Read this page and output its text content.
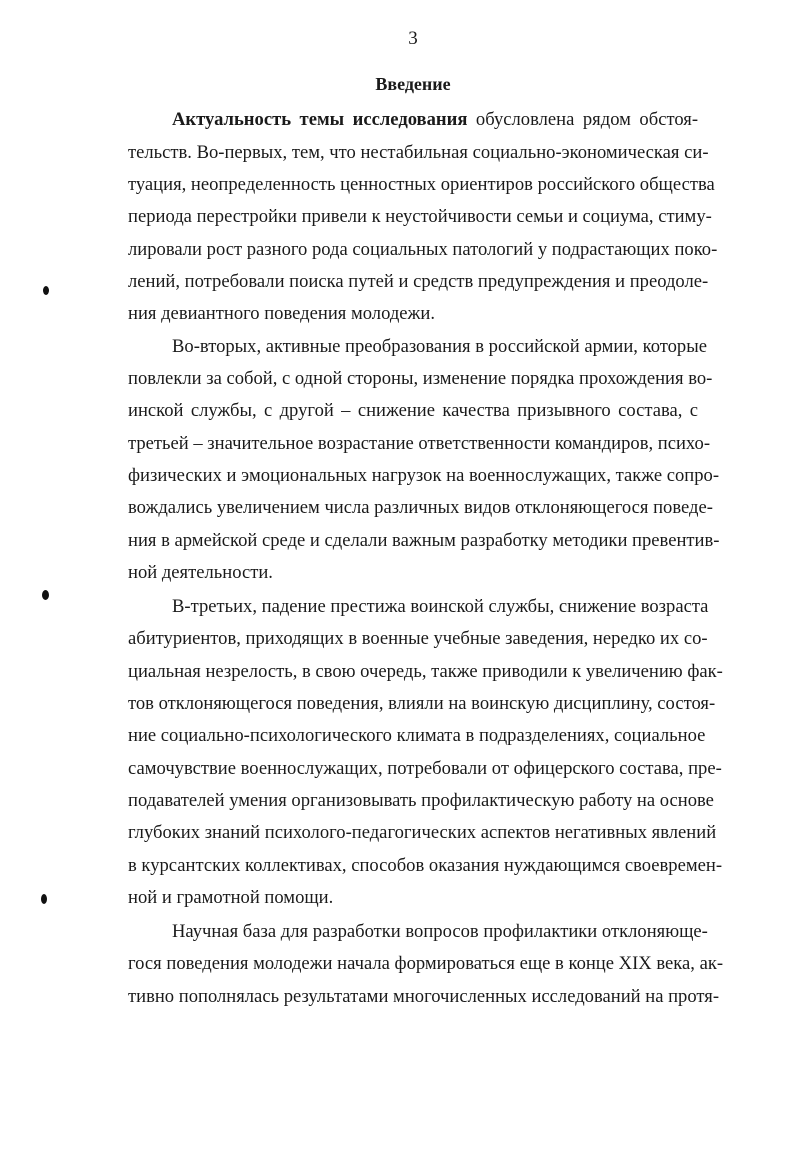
3
Введение
Актуальность темы исследования обусловлена рядом обстоя-
тельств. Во-первых, тем, что нестабильная социально-экономическая си-
туация, неопределенность ценностных ориентиров российского общества
периода перестройки привели к неустойчивости семьи и социума, стиму-
лировали рост разного рода социальных патологий у подрастающих поко-
лений, потребовали поиска путей и средств предупреждения и преодоле-
ния девиантного поведения молодежи.
Во-вторых, активные преобразования в российской армии, которые
повлекли за собой, с одной стороны, изменение порядка прохождения во-
инской службы, с другой – снижение качества призывного состава, с
третьей – значительное возрастание ответственности командиров, психо-
физических и эмоциональных нагрузок на военнослужащих, также сопро-
вождались увеличением числа различных видов отклоняющегося поведе-
ния в армейской среде и сделали важным разработку методики превентив-
ной деятельности.
В-третьих, падение престижа воинской службы, снижение возраста
абитуриентов, приходящих в военные учебные заведения, нередко их со-
циальная незрелость, в свою очередь, также приводили к увеличению фак-
тов отклоняющегося поведения, влияли на воинскую дисциплину, состоя-
ние социально-психологического климата в подразделениях, социальное
самочувствие военнослужащих, потребовали от офицерского состава, пре-
подавателей умения организовывать профилактическую работу на основе
глубоких знаний психолого-педагогических аспектов негативных явлений
в курсантских коллективах, способов оказания нуждающимся своевремен-
ной и грамотной помощи.
Научная база для разработки вопросов профилактики отклоняюще-
гося поведения молодежи начала формироваться еще в конце XIX века, ак-
тивно пополнялась результатами многочисленных исследований на протя-
